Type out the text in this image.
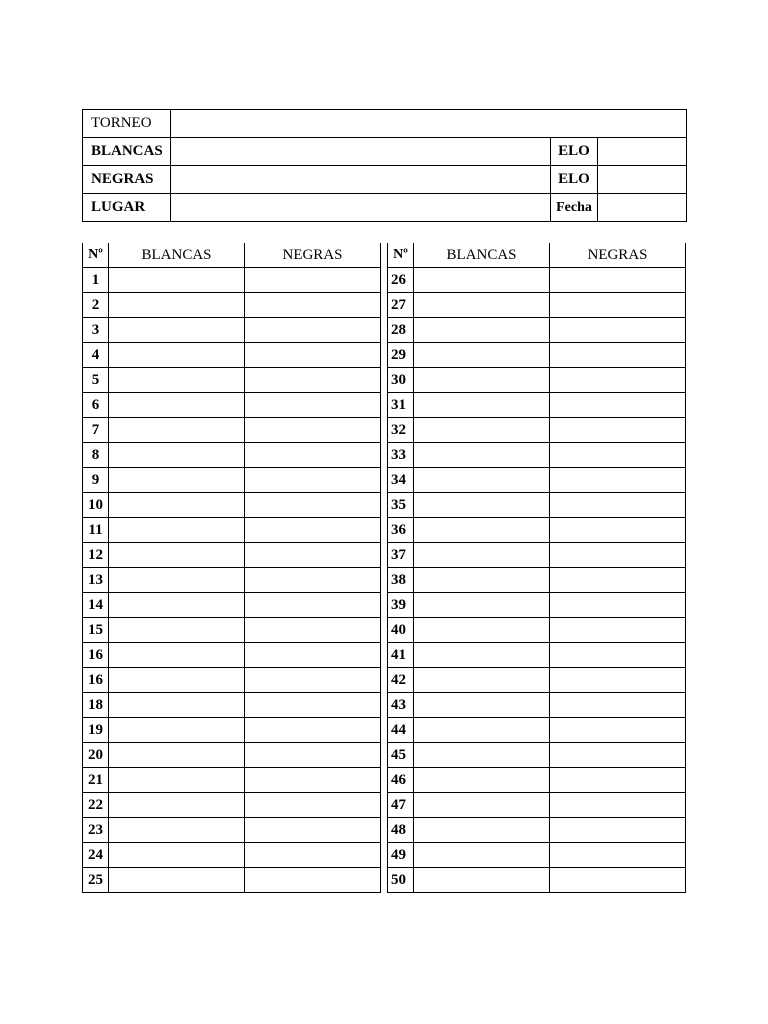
TORNEO			
BLANCAS		ELO	
NEGRAS		ELO	
LUGAR		Fecha	
Nº	BLANCAS	NEGRAS
1		
2		
3		
4		
5		
6		
7		
8		
9		
10		
11		
12		
13		
14		
15		
16		
16		
18		
19		
20		
21		
22		
23		
24		
25		
Nº	BLANCAS	NEGRAS
26		
27		
28		
29		
30		
31		
32		
33		
34		
35		
36		
37		
38		
39		
40		
41		
42		
43		
44		
45		
46		
47		
48		
49		
50		
